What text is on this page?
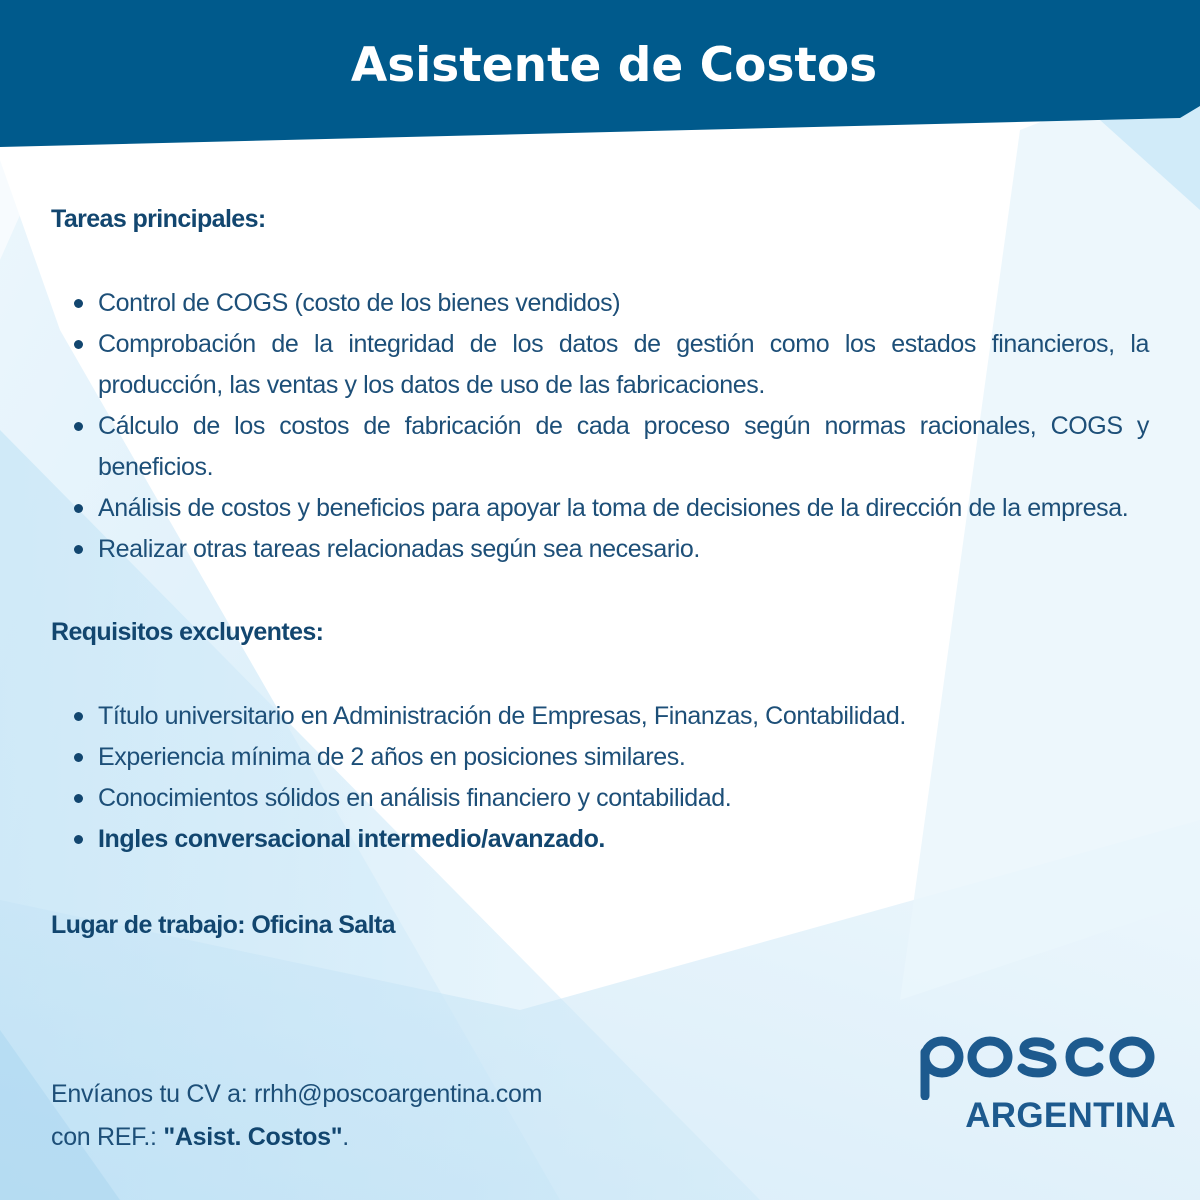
Asistente de Costos
Tareas principales:
Control de COGS (costo de los bienes vendidos)
Comprobación de la integridad de los datos de gestión como los estados financieros, la producción, las ventas y los datos de uso de las fabricaciones.
Cálculo de los costos de fabricación de cada proceso según normas racionales, COGS y beneficios.
Análisis de costos y beneficios para apoyar la toma de decisiones de la dirección de la empresa.
Realizar otras tareas relacionadas según sea necesario.
Requisitos excluyentes:
Título universitario en Administración de Empresas, Finanzas, Contabilidad.
Experiencia mínima de 2 años en posiciones similares.
Conocimientos sólidos en análisis financiero y contabilidad.
Ingles conversacional intermedio/avanzado.
Lugar de trabajo: Oficina Salta
Envíanos tu CV a: rrhh@poscoargentina.com
con REF.: "Asist. Costos".
ARGENTINA
